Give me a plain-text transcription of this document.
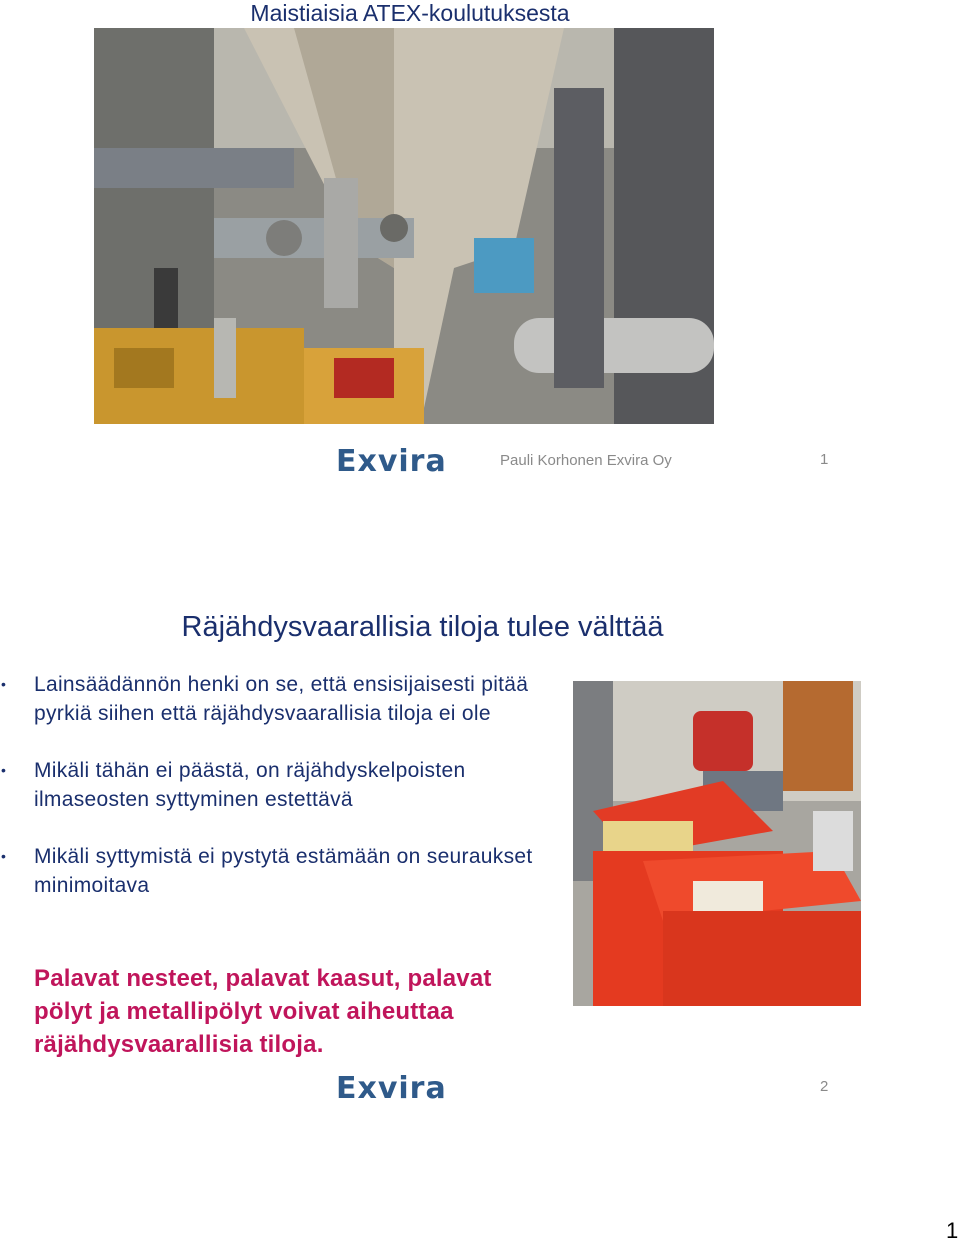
Maistiaisia ATEX-koulutuksesta
Exvira	Pauli Korhonen Exvira Oy	1
Räjähdysvaarallisia tiloja tulee välttää
• Lainsäädännön henki on se, että ensisijaisesti pitää pyrkiä siihen että räjähdysvaarallisia tiloja ei ole
• Mikäli tähän ei päästä, on räjähdyskelpoisten ilmaseosten syttyminen estettävä
• Mikäli syttymistä ei pystytä estämään on seuraukset minimoitava

Palavat nesteet, palavat kaasut, palavat pölyt ja metallipölyt voivat aiheuttaa räjähdysvaarallisia tiloja.

Exvira	2
1
